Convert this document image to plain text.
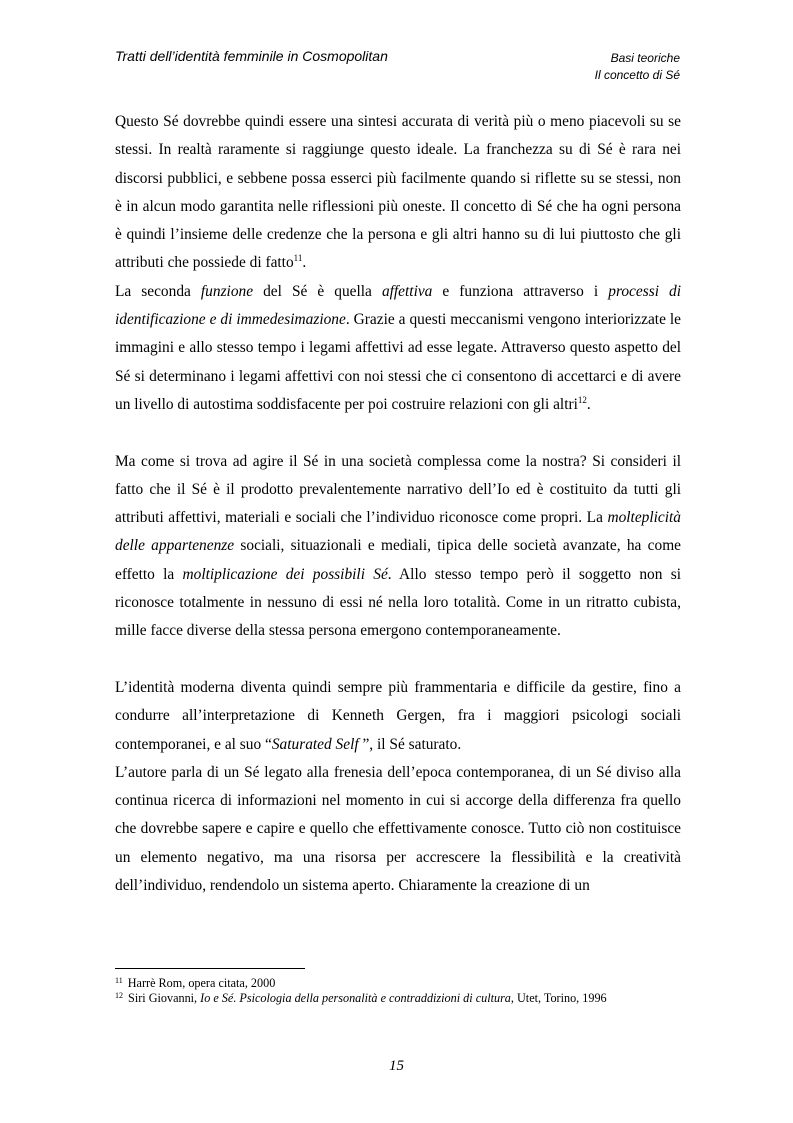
Tratti dell’identità femminile in Cosmopolitan	Basi teoriche
Il concetto di Sé

Questo Sé dovrebbe quindi essere una sintesi accurata di verità più o meno piacevoli su se stessi. In realtà raramente si raggiunge questo ideale. La franchezza su di Sé è rara nei discorsi pubblici, e sebbene possa esserci più facilmente quando si riflette su se stessi, non è in alcun modo garantita nelle riflessioni più oneste. Il concetto di Sé che ha ogni persona è quindi l’insieme delle credenze che la persona e gli altri hanno su di lui piuttosto che gli attributi che possiede di fatto$^{11}$.

La seconda funzione del Sé è quella affettiva e funziona attraverso i processi di identificazione e di immedesimazione. Grazie a questi meccanismi vengono interiorizzate le immagini e allo stesso tempo i legami affettivi ad esse legate. Attraverso questo aspetto del Sé si determinano i legami affettivi con noi stessi che ci consentono di accettarci e di avere un livello di autostima soddisfacente per poi costruire relazioni con gli altri$^{12}$.

Ma come si trova ad agire il Sé in una società complessa come la nostra? Si consideri il fatto che il Sé è il prodotto prevalentemente narrativo dell’Io ed è costituito da tutti gli attributi affettivi, materiali e sociali che l’individuo riconosce come propri. La molteplicità delle appartenenze sociali, situazionali e mediali, tipica delle società avanzate, ha come effetto la moltiplicazione dei possibili Sé. Allo stesso tempo però il soggetto non si riconosce totalmente in nessuno di essi né nella loro totalità. Come in un ritratto cubista, mille facce diverse della stessa persona emergono contemporaneamente.

L’identità moderna diventa quindi sempre più frammentaria e difficile da gestire, fino a condurre all’interpretazione di Kenneth Gergen, fra i maggiori psicologi sociali contemporanei, e al suo “Saturated Self ”, il Sé saturato.

L’autore parla di un Sé legato alla frenesia dell’epoca contemporanea, di un Sé diviso alla continua ricerca di informazioni nel momento in cui si accorge della differenza fra quello che dovrebbe sapere e capire e quello che effettivamente conosce. Tutto ciò non costituisce un elemento negativo, ma una risorsa per accrescere la flessibilità e la creatività dell’individuo, rendendolo un sistema aperto. Chiaramente la creazione di un

$^{11}$ Harrè Rom, opera citata, 2000
$^{12}$ Siri Giovanni, Io e Sé. Psicologia della personalità e contraddizioni di cultura, Utet, Torino, 1996
15
